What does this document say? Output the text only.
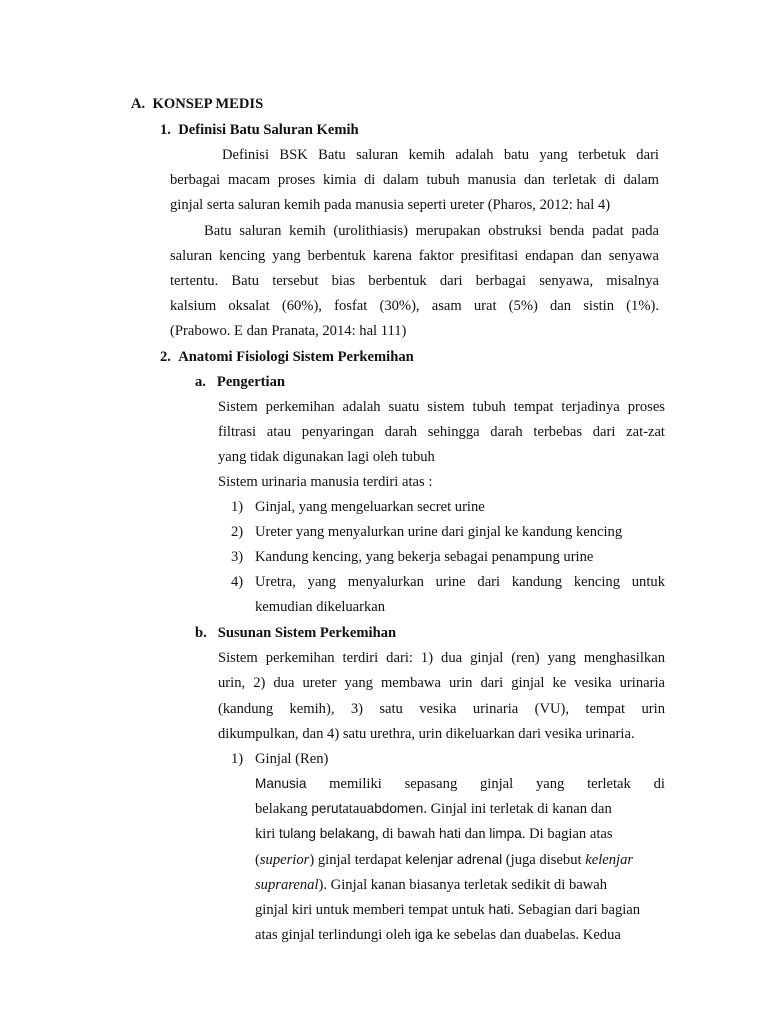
A. KONSEP MEDIS
1. Definisi Batu Saluran Kemih
Definisi BSK Batu saluran kemih adalah batu yang terbetuk dari
berbagai macam proses kimia di dalam tubuh manusia dan terletak di dalam
ginjal serta saluran kemih pada manusia seperti ureter (Pharos, 2012: hal 4)
Batu saluran kemih (urolithiasis) merupakan obstruksi benda padat pada
saluran kencing yang berbentuk karena faktor presifitasi endapan dan senyawa
tertentu. Batu tersebut bias berbentuk dari berbagai senyawa, misalnya
kalsium oksalat (60%), fosfat (30%), asam urat (5%) dan sistin (1%).
(Prabowo. E dan Pranata, 2014: hal 111)
2. Anatomi Fisiologi Sistem Perkemihan
a. Pengertian
Sistem perkemihan adalah suatu sistem tubuh tempat terjadinya proses
filtrasi atau penyaringan darah sehingga darah terbebas dari zat-zat
yang tidak digunakan lagi oleh tubuh
Sistem urinaria manusia terdiri atas :
1) Ginjal, yang mengeluarkan secret urine
2) Ureter yang menyalurkan urine dari ginjal ke kandung kencing
3) Kandung kencing, yang bekerja sebagai penampung urine
4) Uretra, yang menyalurkan urine dari kandung kencing untuk
kemudian dikeluarkan
b. Susunan Sistem Perkemihan
Sistem perkemihan terdiri dari: 1) dua ginjal (ren) yang menghasilkan
urin, 2) dua ureter yang membawa urin dari ginjal ke vesika urinaria
(kandung kemih), 3) satu vesika urinaria (VU), tempat urin
dikumpulkan, dan 4) satu urethra, urin dikeluarkan dari vesika urinaria.
1) Ginjal (Ren)
Manusia memiliki sepasang ginjal yang terletak di
belakang perutatauabdomen. Ginjal ini terletak di kanan dan
kiri tulang belakang, di bawah hati dan limpa. Di bagian atas
(superior) ginjal terdapat kelenjar adrenal (juga disebut kelenjar
suprarenal). Ginjal kanan biasanya terletak sedikit di bawah
ginjal kiri untuk memberi tempat untuk hati. Sebagian dari bagian
atas ginjal terlindungi oleh iga ke sebelas dan duabelas. Kedua
